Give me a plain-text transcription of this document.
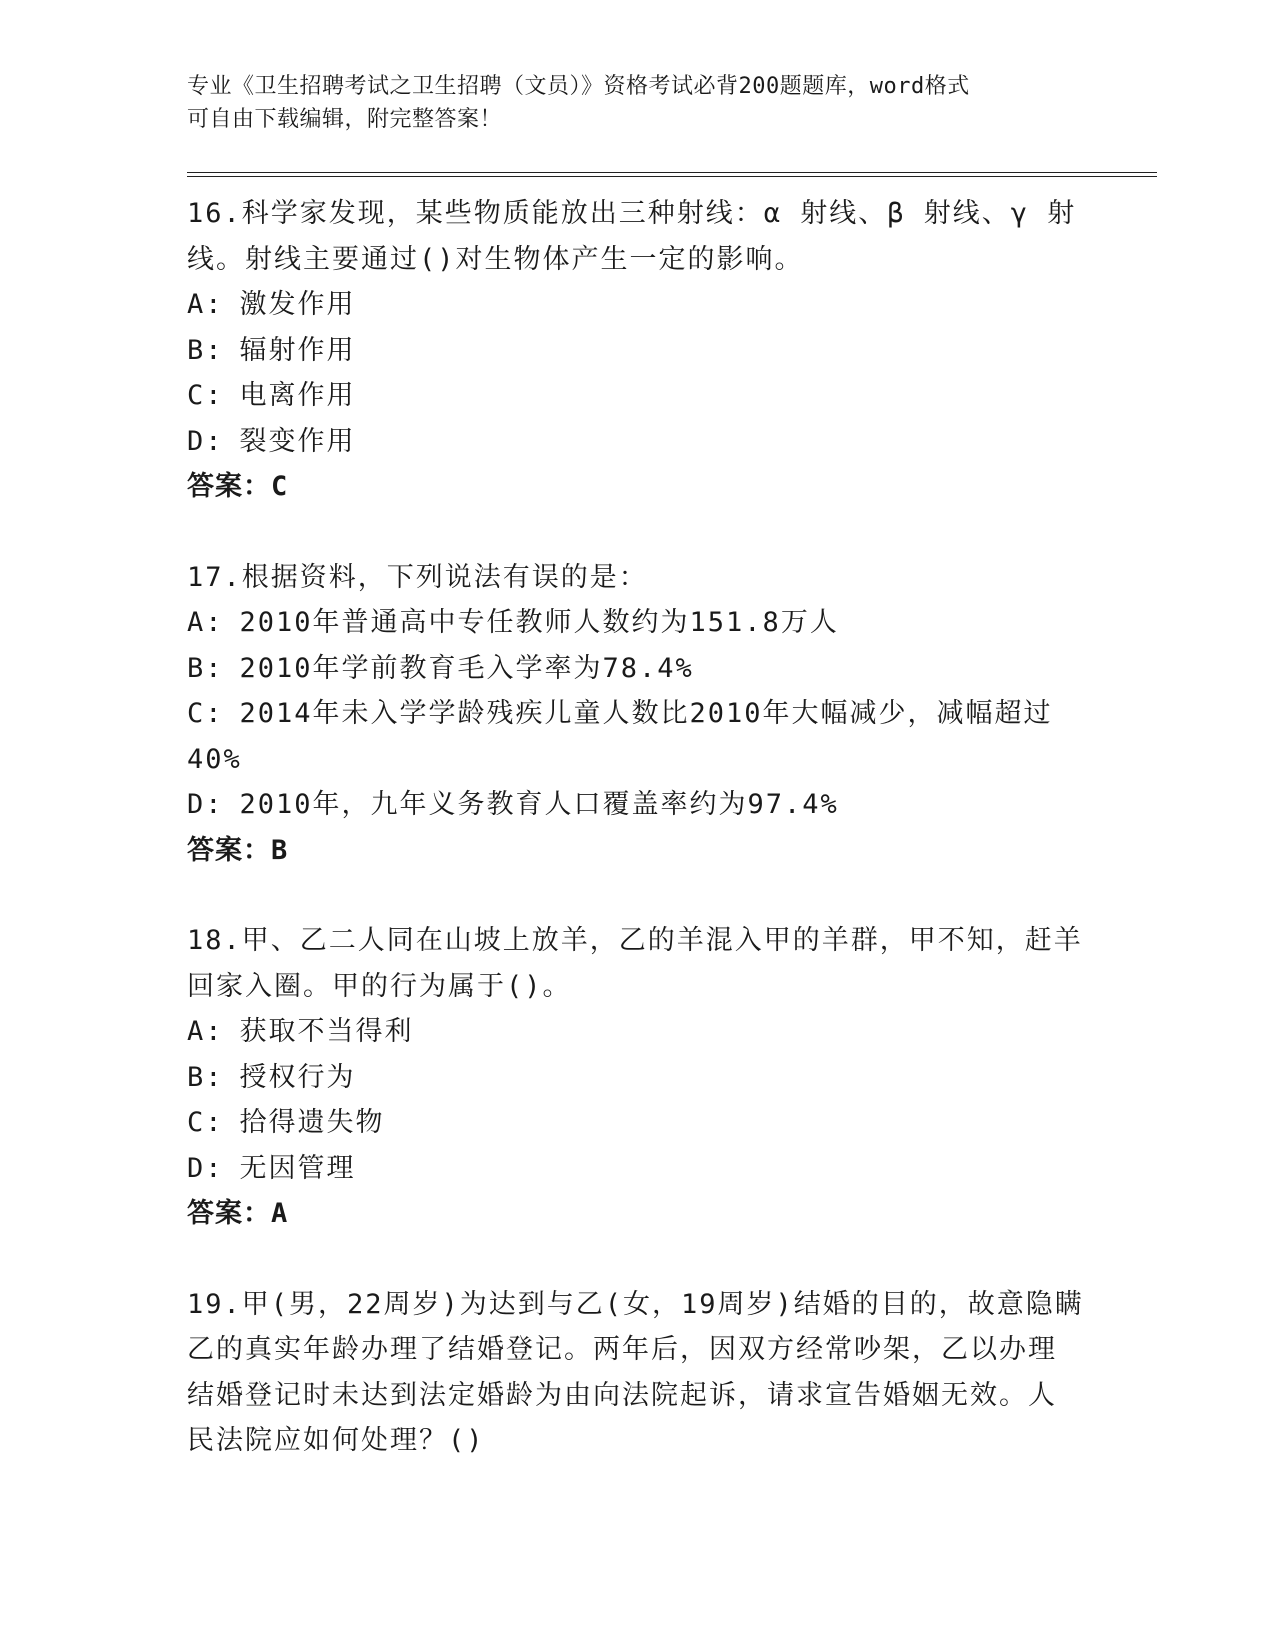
专业《卫生招聘考试之卫生招聘（文员）》资格考试必背200题题库，word格式
可自由下载编辑，附完整答案！
16.科学家发现，某些物质能放出三种射线：α 射线、β 射线、γ 射
线。射线主要通过()对生物体产生一定的影响。
A: 激发作用
B: 辐射作用
C: 电离作用
D: 裂变作用
答案：C
17.根据资料，下列说法有误的是：
A: 2010年普通高中专任教师人数约为151.8万人
B: 2010年学前教育毛入学率为78.4%
C: 2014年未入学学龄残疾儿童人数比2010年大幅减少，减幅超过
40%
D: 2010年，九年义务教育人口覆盖率约为97.4%
答案：B
18.甲、乙二人同在山坡上放羊，乙的羊混入甲的羊群，甲不知，赶羊
回家入圈。甲的行为属于()。
A: 获取不当得利
B: 授权行为
C: 拾得遗失物
D: 无因管理
答案：A
19.甲(男，22周岁)为达到与乙(女，19周岁)结婚的目的，故意隐瞒
乙的真实年龄办理了结婚登记。两年后，因双方经常吵架，乙以办理
结婚登记时未达到法定婚龄为由向法院起诉，请求宣告婚姻无效。人
民法院应如何处理？()
